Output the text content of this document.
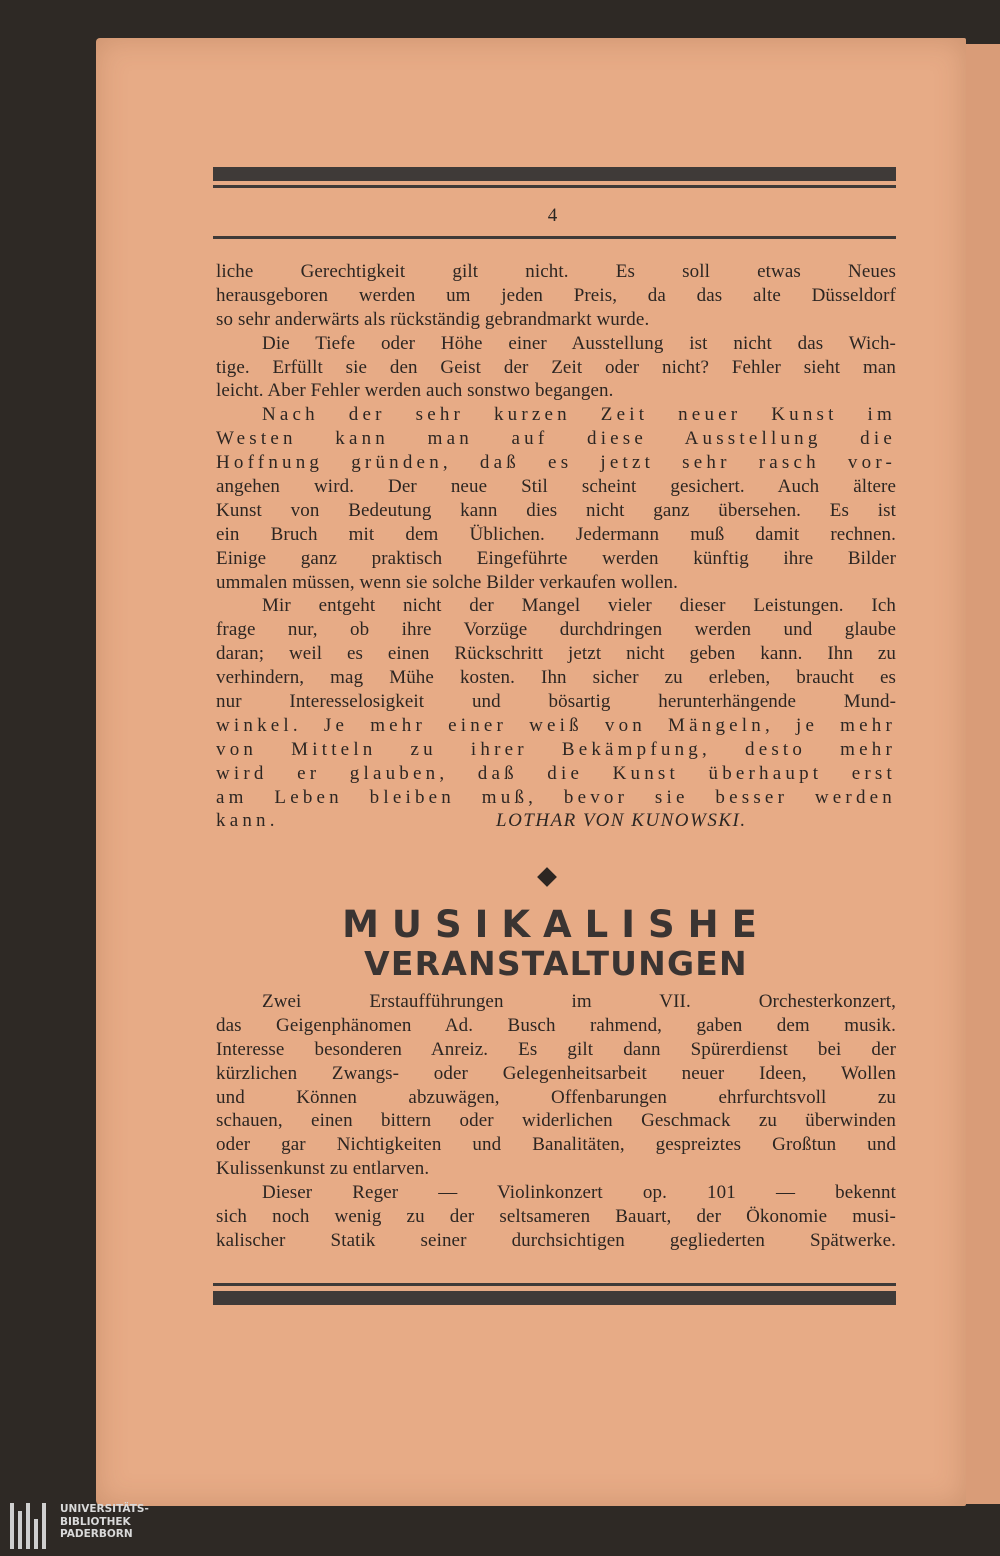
4
liche Gerechtigkeit gilt nicht. Es soll etwas Neues
herausgeboren werden um jeden Preis, da das alte Düsseldorf
so sehr anderwärts als rückständig gebrandmarkt wurde.
Die Tiefe oder Höhe einer Ausstellung ist nicht das Wich-
tige. Erfüllt sie den Geist der Zeit oder nicht? Fehler sieht man
leicht. Aber Fehler werden auch sonstwo begangen.
Nach der sehr kurzen Zeit neuer Kunst im
Westen kann man auf diese Ausstellung die
Hoffnung gründen, daß es jetzt sehr rasch vor-
angehen wird. Der neue Stil scheint gesichert. Auch ältere
Kunst von Bedeutung kann dies nicht ganz übersehen. Es ist
ein Bruch mit dem Üblichen. Jedermann muß damit rechnen.
Einige ganz praktisch Eingeführte werden künftig ihre Bilder
ummalen müssen, wenn sie solche Bilder verkaufen wollen.
Mir entgeht nicht der Mangel vieler dieser Leistungen. Ich
frage nur, ob ihre Vorzüge durchdringen werden und glaube
daran; weil es einen Rückschritt jetzt nicht geben kann. Ihn zu
verhindern, mag Mühe kosten. Ihn sicher zu erleben, braucht es
nur Interesselosigkeit und bösartig herunterhängende Mund-
winkel. Je mehr einer weiß von Mängeln, je mehr
von Mitteln zu ihrer Bekämpfung, desto mehr
wird er glauben, daß die Kunst überhaupt erst
am Leben bleiben muß, bevor sie besser werden
kann.	LOTHAR VON KUNOWSKI.
MUSIKALISHE
VERANSTALTUNGEN
Zwei Erstaufführungen im VII. Orchesterkonzert,
das Geigenphänomen Ad. Busch rahmend, gaben dem musik.
Interesse besonderen Anreiz. Es gilt dann Spürerdienst bei der
kürzlichen Zwangs- oder Gelegenheitsarbeit neuer Ideen, Wollen
und Können abzuwägen, Offenbarungen ehrfurchtsvoll zu
schauen, einen bittern oder widerlichen Geschmack zu überwinden
oder gar Nichtigkeiten und Banalitäten, gespreiztes Großtun und
Kulissenkunst zu entlarven.
Dieser Reger — Violinkonzert op. 101 — bekennt
sich noch wenig zu der seltsameren Bauart, der Ökonomie musi-
kalischer Statik seiner durchsichtigen gegliederten Spätwerke.
UNIVERSITÄTS-
BIBLIOTHEK
PADERBORN
